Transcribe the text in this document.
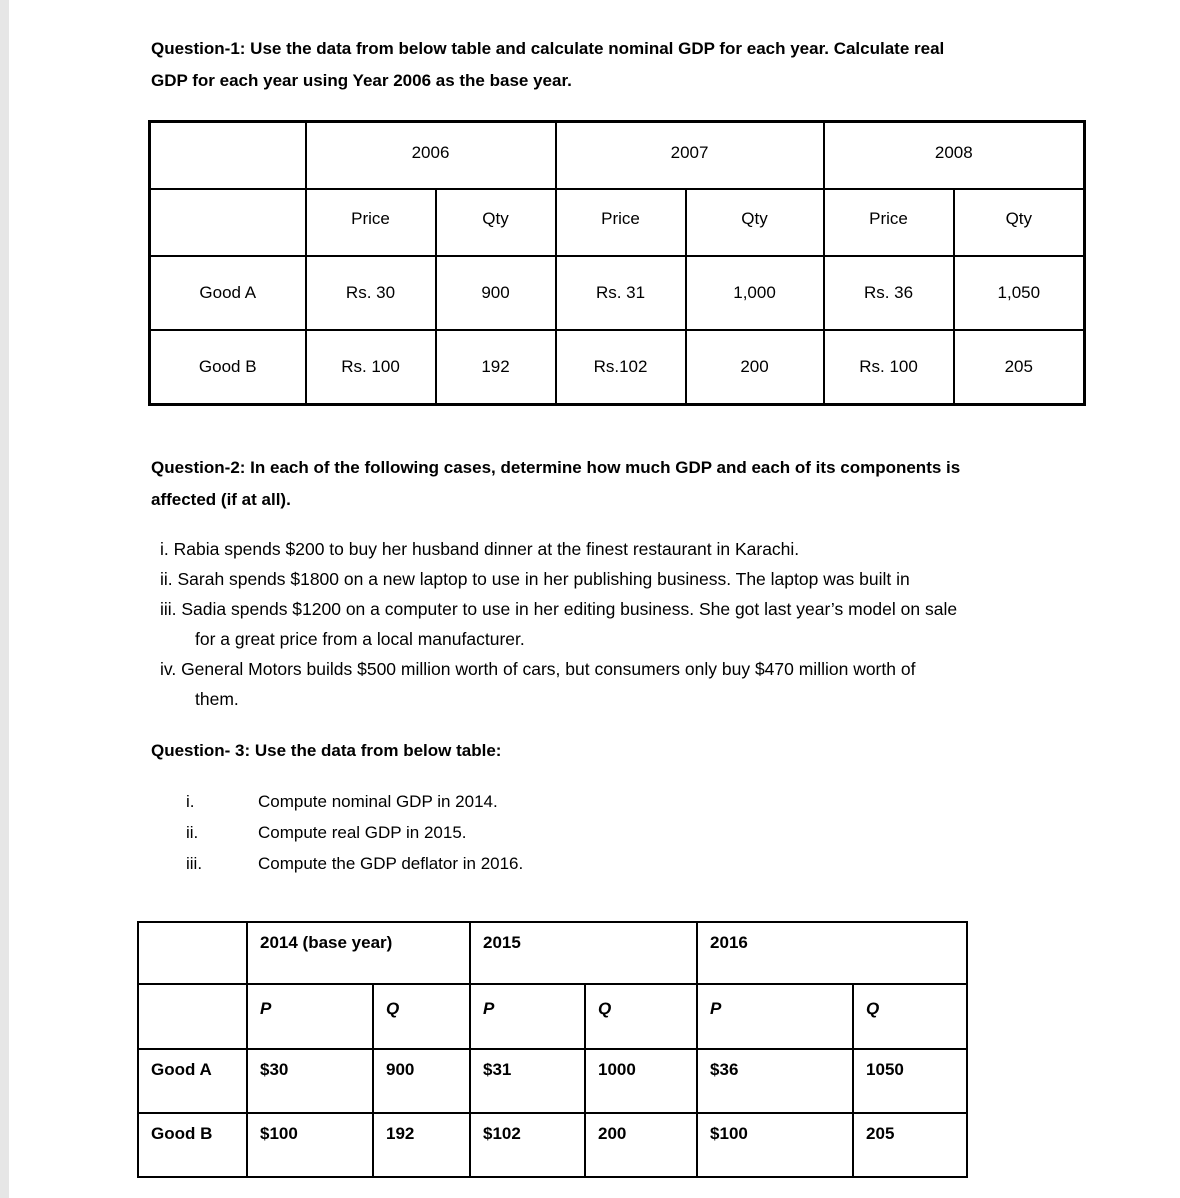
Question-1: Use the data from below table and calculate nominal GDP for each year. Calculate real
GDP for each year using Year 2006 as the base year.
	2006		2007		2008	
	Price	Qty	Price	Qty	Price	Qty
Good A	Rs. 30	900	Rs. 31	1,000	Rs. 36	1,050
Good B	Rs. 100	192	Rs.102	200	Rs. 100	205
Question-2: In each of the following cases, determine how much GDP and each of its components is
affected (if at all).
i. Rabia spends $200 to buy her husband dinner at the finest restaurant in Karachi.
ii. Sarah spends $1800 on a new laptop to use in her publishing business. The laptop was built in
iii. Sadia spends $1200 on a computer to use in her editing business. She got last year’s model on sale
for a great price from a local manufacturer.
iv. General Motors builds $500 million worth of cars, but consumers only buy $470 million worth of
them.
Question- 3: Use the data from below table:
i.	Compute nominal GDP in 2014.
ii.	Compute real GDP in 2015.
iii.	Compute the GDP deflator in 2016.
	2014 (base year)		2015		2016	
	P	Q	P	Q	P	Q
Good A	$30	900	$31	1000	$36	1050
Good B	$100	192	$102	200	$100	205
